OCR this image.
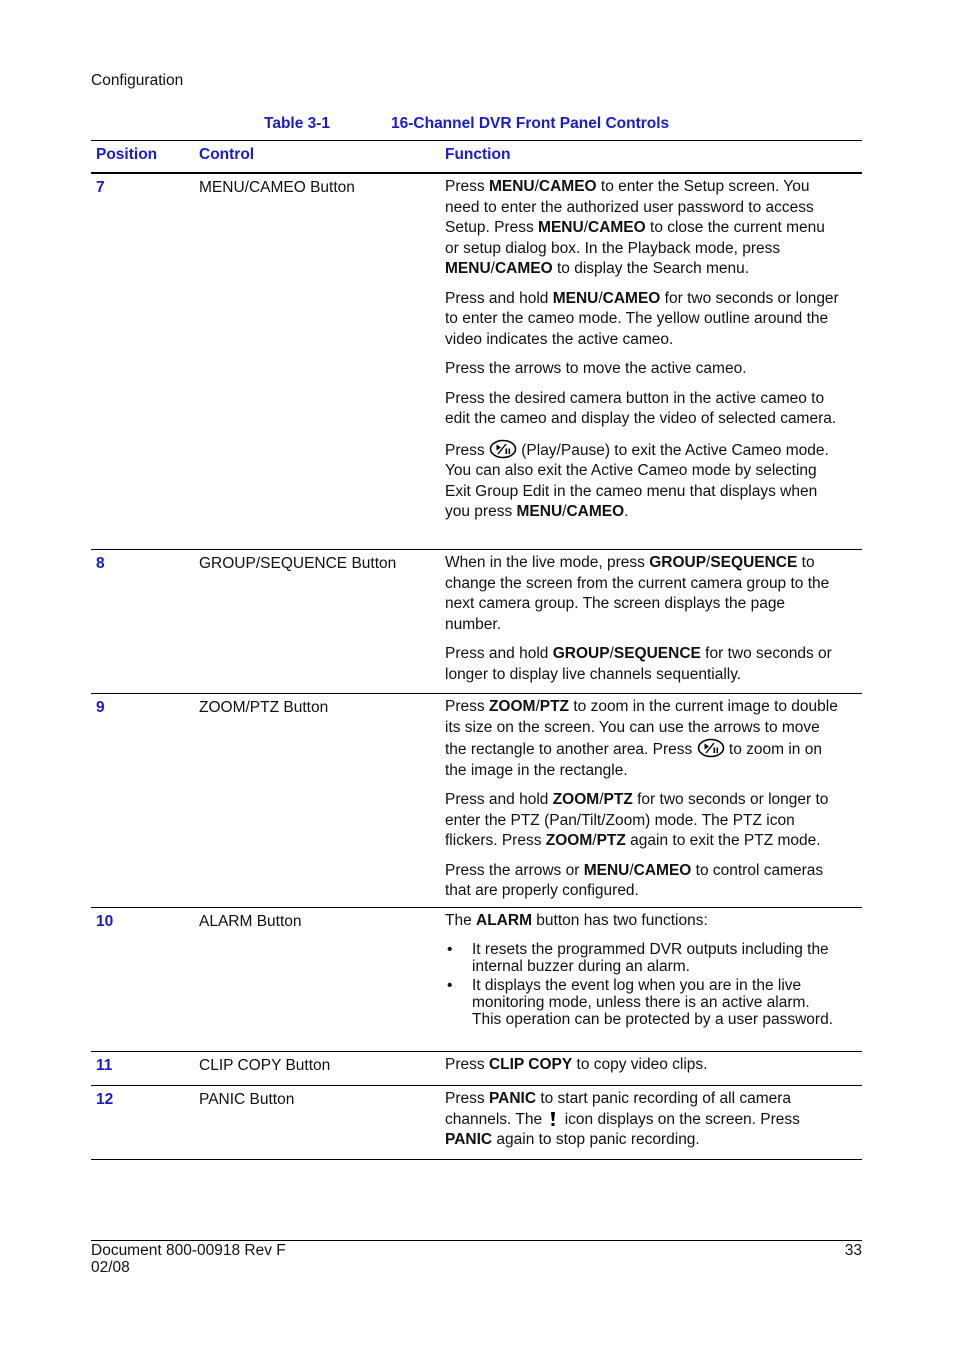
Configuration
Table 3-1	16-Channel DVR Front Panel Controls
Position	Control	Function
7	MENU/CAMEO Button	Press MENU/CAMEO to enter the Setup screen. You need to enter the authorized user password to access Setup. Press MENU/CAMEO to close the current menu or setup dialog box. In the Playback mode, press MENU/CAMEO to display the Search menu.

Press and hold MENU/CAMEO for two seconds or longer to enter the cameo mode. The yellow outline around the video indicates the active cameo.

Press the arrows to move the active cameo.

Press the desired camera button in the active cameo to edit the cameo and display the video of selected camera.

Press  (Play/Pause) to exit the Active Cameo mode. You can also exit the Active Cameo mode by selecting Exit Group Edit in the cameo menu that displays when you press MENU/CAMEO.

8	GROUP/SEQUENCE Button	When in the live mode, press GROUP/SEQUENCE to change the screen from the current camera group to the next camera group. The screen displays the page number.

Press and hold GROUP/SEQUENCE for two seconds or longer to display live channels sequentially.

9	ZOOM/PTZ Button	Press ZOOM/PTZ to zoom in the current image to double its size on the screen. You can use the arrows to move the rectangle to another area. Press  to zoom in on the image in the rectangle.

Press and hold ZOOM/PTZ for two seconds or longer to enter the PTZ (Pan/Tilt/Zoom) mode. The PTZ icon flickers. Press ZOOM/PTZ again to exit the PTZ mode.

Press the arrows or MENU/CAMEO to control cameras that are properly configured.

10	ALARM Button	The ALARM button has two functions:

• It resets the programmed DVR outputs including the internal buzzer during an alarm.
• It displays the event log when you are in the live monitoring mode, unless there is an active alarm. This operation can be protected by a user password.
11	CLIP COPY Button	Press CLIP COPY to copy video clips.

12	PANIC Button	Press PANIC to start panic recording of all camera channels. The  icon displays on the screen. Press PANIC again to stop panic recording.

Document 800-00918 Rev F
02/08
33
